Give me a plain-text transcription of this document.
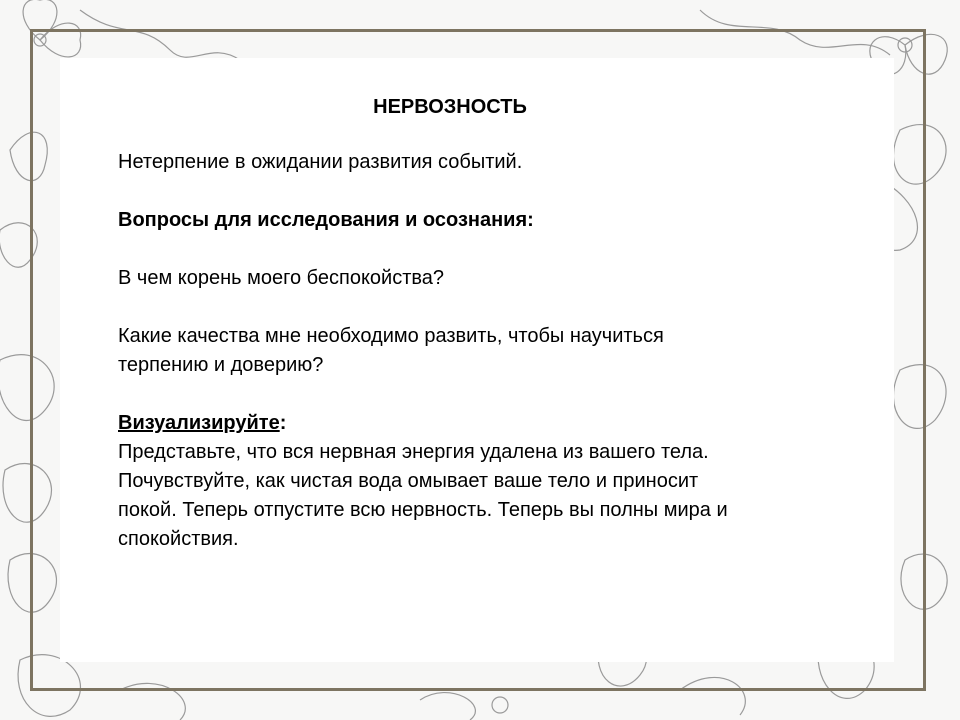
НЕРВОЗНОСТЬ
Нетерпение в ожидании развития событий.
Вопросы для исследования и осознания:
В чем корень моего беспокойства?
Какие качества мне необходимо развить, чтобы научиться
терпению и доверию?
Визуализируйте:
Представьте, что вся нервная энергия удалена из вашего тела.
Почувствуйте, как чистая вода омывает ваше тело и приносит
покой. Теперь отпустите всю нервность. Теперь вы полны мира и
спокойствия.
